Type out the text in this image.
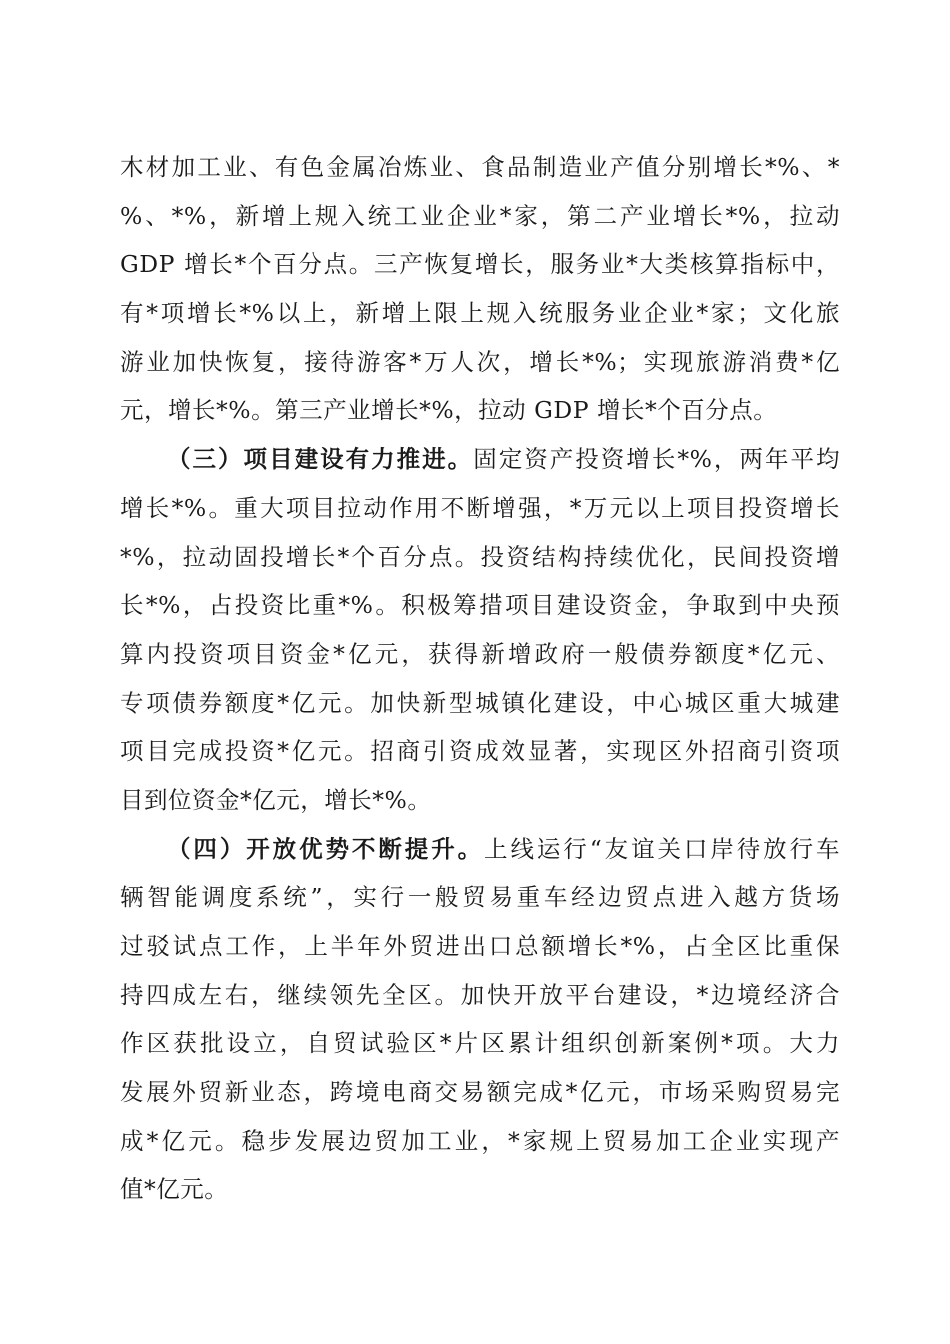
木材加工业、有色金属冶炼业、食品制造业产值分别增长*%、*
%、*%，新增上规入统工业企业*家，第二产业增长*%，拉动
GDP 增长*个百分点。三产恢复增长，服务业*大类核算指标中，
有*项增长*%以上，新增上限上规入统服务业企业*家；文化旅
游业加快恢复，接待游客*万人次，增长*%；实现旅游消费*亿
元，增长*%。第三产业增长*%，拉动 GDP 增长*个百分点。
（三）项目建设有力推进。固定资产投资增长*%，两年平均
增长*%。重大项目拉动作用不断增强，*万元以上项目投资增长
*%，拉动固投增长*个百分点。投资结构持续优化，民间投资增
长*%，占投资比重*%。积极筹措项目建设资金，争取到中央预
算内投资项目资金*亿元，获得新增政府一般债券额度*亿元、
专项债券额度*亿元。加快新型城镇化建设，中心城区重大城建
项目完成投资*亿元。招商引资成效显著，实现区外招商引资项
目到位资金*亿元，增长*%。
（四）开放优势不断提升。上线运行“友谊关口岸待放行车
辆智能调度系统”，实行一般贸易重车经边贸点进入越方货场
过驳试点工作，上半年外贸进出口总额增长*%，占全区比重保
持四成左右，继续领先全区。加快开放平台建设，*边境经济合
作区获批设立，自贸试验区*片区累计组织创新案例*项。大力
发展外贸新业态，跨境电商交易额完成*亿元，市场采购贸易完
成*亿元。稳步发展边贸加工业，*家规上贸易加工企业实现产
值*亿元。
